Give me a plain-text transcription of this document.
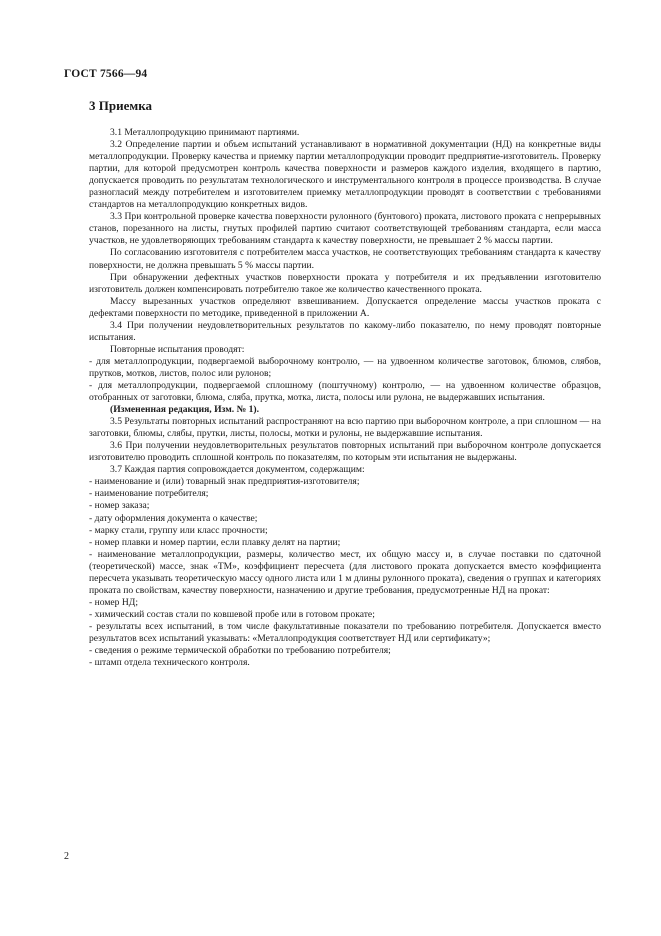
ГОСТ 7566—94
3 Приемка

3.1 Металлопродукцию принимают партиями.

3.2 Определение партии и объем испытаний устанавливают в нормативной документации (НД) на конкретные виды металлопродукции. Проверку качества и приемку партии металлопродукции проводит предприятие-изготовитель. Проверку партии, для которой предусмотрен контроль качества поверхности и размеров каждого изделия, входящего в партию, допускается проводить по результатам технологического и инструментального контроля в процессе производства. В случае разногласий между потребителем и изготовителем приемку металлопродукции проводят в соответствии с требованиями стандартов на металлопродукцию конкретных видов.

3.3 При контрольной проверке качества поверхности рулонного (бунтового) проката, листового проката с непрерывных станов, порезанного на листы, гнутых профилей партию считают соответствующей требованиям стандарта, если масса участков, не удовлетворяющих требованиям стандарта к качеству поверхности, не превышает 2 % массы партии.

По согласованию изготовителя с потребителем масса участков, не соответствующих требованиям стандарта к качеству поверхности, не должна превышать 5 % массы партии.

При обнаружении дефектных участков поверхности проката у потребителя и их предъявлении изготовителю изготовитель должен компенсировать потребителю такое же количество качественного проката.

Массу вырезанных участков определяют взвешиванием. Допускается определение массы участков проката с дефектами поверхности по методике, приведенной в приложении А.

3.4 При получении неудовлетворительных результатов по какому-либо показателю, по нему проводят повторные испытания.

Повторные испытания проводят:

- для металлопродукции, подвергаемой выборочному контролю, — на удвоенном количестве заготовок, блюмов, слябов, прутков, мотков, листов, полос или рулонов;

- для металлопродукции, подвергаемой сплошному (поштучному) контролю, — на удвоенном количестве образцов, отобранных от заготовки, блюма, сляба, прутка, мотка, листа, полосы или рулона, не выдержавших испытания.

(Измененная редакция, Изм. № 1).

3.5 Результаты повторных испытаний распространяют на всю партию при выборочном контроле, а при сплошном — на заготовки, блюмы, слябы, прутки, листы, полосы, мотки и рулоны, не выдержавшие испытания.

3.6 При получении неудовлетворительных результатов повторных испытаний при выборочном контроле допускается изготовителю проводить сплошной контроль по показателям, по которым эти испытания не выдержаны.

3.7 Каждая партия сопровождается документом, содержащим:

- наименование и (или) товарный знак предприятия-изготовителя;

- наименование потребителя;

- номер заказа;

- дату оформления документа о качестве;

- марку стали, группу или класс прочности;

- номер плавки и номер партии, если плавку делят на партии;

- наименование металлопродукции, размеры, количество мест, их общую массу и, в случае поставки по сдаточной (теоретической) массе, знак «ТМ», коэффициент пересчета (для листового проката допускается вместо коэффициента пересчета указывать теоретическую массу одного листа или 1 м длины рулонного проката), сведения о группах и категориях проката по свойствам, качеству поверхности, назначению и другие требования, предусмотренные НД на прокат:

- номер НД;

- химический состав стали по ковшевой пробе или в готовом прокате;

- результаты всех испытаний, в том числе факультативные показатели по требованию потребителя. Допускается вместо результатов всех испытаний указывать: «Металлопродукция соответствует НД или сертификату»;

- сведения о режиме термической обработки по требованию потребителя;

- штамп отдела технического контроля.

2
